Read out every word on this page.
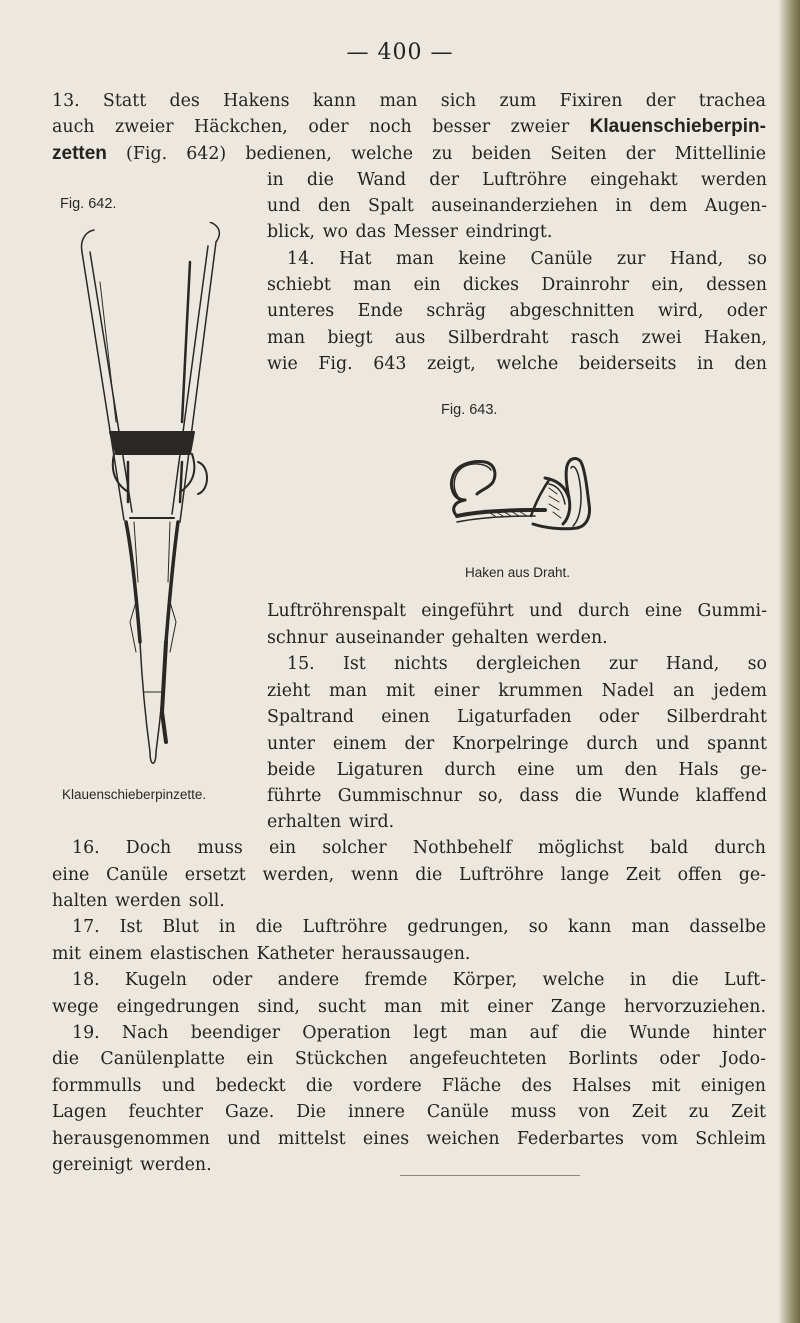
— 400 —
13. Statt des Hakens kann man sich zum Fixiren der trachea
auch zweier Häckchen, oder noch besser zweier Klauenschieberpin-
zetten (Fig. 642) bedienen, welche zu beiden Seiten der Mittellinie
Fig. 642.
in die Wand der Luftröhre eingehakt werden
und den Spalt auseinanderziehen in dem Augen-
blick, wo das Messer eindringt.
14. Hat man keine Canüle zur Hand, so
schiebt man ein dickes Drainrohr ein, dessen
unteres Ende schräg abgeschnitten wird, oder
man biegt aus Silberdraht rasch zwei Haken,
wie Fig. 643 zeigt, welche beiderseits in den
Fig. 643.
Haken aus Draht.
Luftröhrenspalt eingeführt und durch eine Gummi-
schnur auseinander gehalten werden.
15. Ist nichts dergleichen zur Hand, so
zieht man mit einer krummen Nadel an jedem
Spaltrand einen Ligaturfaden oder Silberdraht
unter einem der Knorpelringe durch und spannt
beide Ligaturen durch eine um den Hals ge-
führte Gummischnur so, dass die Wunde klaffend
Klauenschieberpinzette.
erhalten wird.
16. Doch muss ein solcher Nothbehelf möglichst bald durch
eine Canüle ersetzt werden, wenn die Luftröhre lange Zeit offen ge-
halten werden soll.
17. Ist Blut in die Luftröhre gedrungen, so kann man dasselbe
mit einem elastischen Katheter heraussaugen.
18. Kugeln oder andere fremde Körper, welche in die Luft-
wege eingedrungen sind, sucht man mit einer Zange hervorzuziehen.
19. Nach beendiger Operation legt man auf die Wunde hinter
die Canülenplatte ein Stückchen angefeuchteten Borlints oder Jodo-
formmulls und bedeckt die vordere Fläche des Halses mit einigen
Lagen feuchter Gaze. Die innere Canüle muss von Zeit zu Zeit
herausgenommen und mittelst eines weichen Federbartes vom Schleim
gereinigt werden.
